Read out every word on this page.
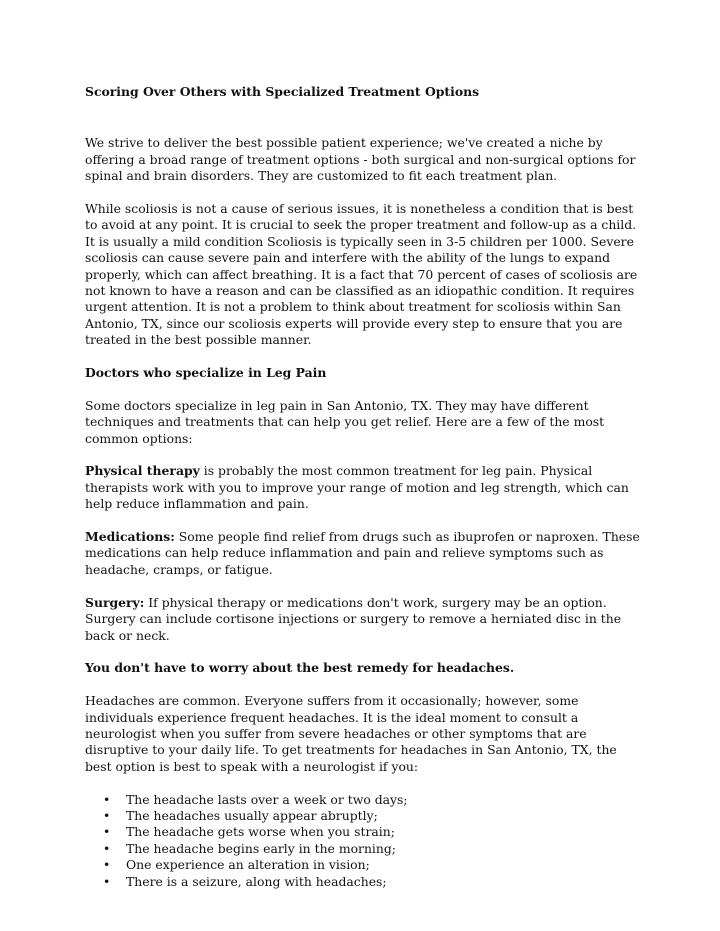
Scoring Over Others with Specialized Treatment Options

We strive to deliver the best possible patient experience; we've created a niche by offering a broad range of treatment options - both surgical and non-surgical options for spinal and brain disorders. They are customized to fit each treatment plan.

While scoliosis is not a cause of serious issues, it is nonetheless a condition that is best to avoid at any point. It is crucial to seek the proper treatment and follow-up as a child. It is usually a mild condition Scoliosis is typically seen in 3-5 children per 1000. Severe scoliosis can cause severe pain and interfere with the ability of the lungs to expand properly, which can affect breathing. It is a fact that 70 percent of cases of scoliosis are not known to have a reason and can be classified as an idiopathic condition. It requires urgent attention. It is not a problem to think about treatment for scoliosis within San Antonio, TX, since our scoliosis experts will provide every step to ensure that you are treated in the best possible manner.

Doctors who specialize in Leg Pain

Some doctors specialize in leg pain in San Antonio, TX. They may have different techniques and treatments that can help you get relief. Here are a few of the most common options:

Physical therapy is probably the most common treatment for leg pain. Physical therapists work with you to improve your range of motion and leg strength, which can help reduce inflammation and pain.

Medications: Some people find relief from drugs such as ibuprofen or naproxen. These medications can help reduce inflammation and pain and relieve symptoms such as headache, cramps, or fatigue.

Surgery: If physical therapy or medications don't work, surgery may be an option. Surgery can include cortisone injections or surgery to remove a herniated disc in the back or neck.

You don't have to worry about the best remedy for headaches.

Headaches are common. Everyone suffers from it occasionally; however, some individuals experience frequent headaches. It is the ideal moment to consult a neurologist when you suffer from severe headaches or other symptoms that are disruptive to your daily life. To get treatments for headaches in San Antonio, TX, the best option is best to speak with a neurologist if you:

• The headache lasts over a week or two days;
• The headaches usually appear abruptly;
• The headache gets worse when you strain;
• The headache begins early in the morning;
• One experience an alteration in vision;
• There is a seizure, along with headaches;
